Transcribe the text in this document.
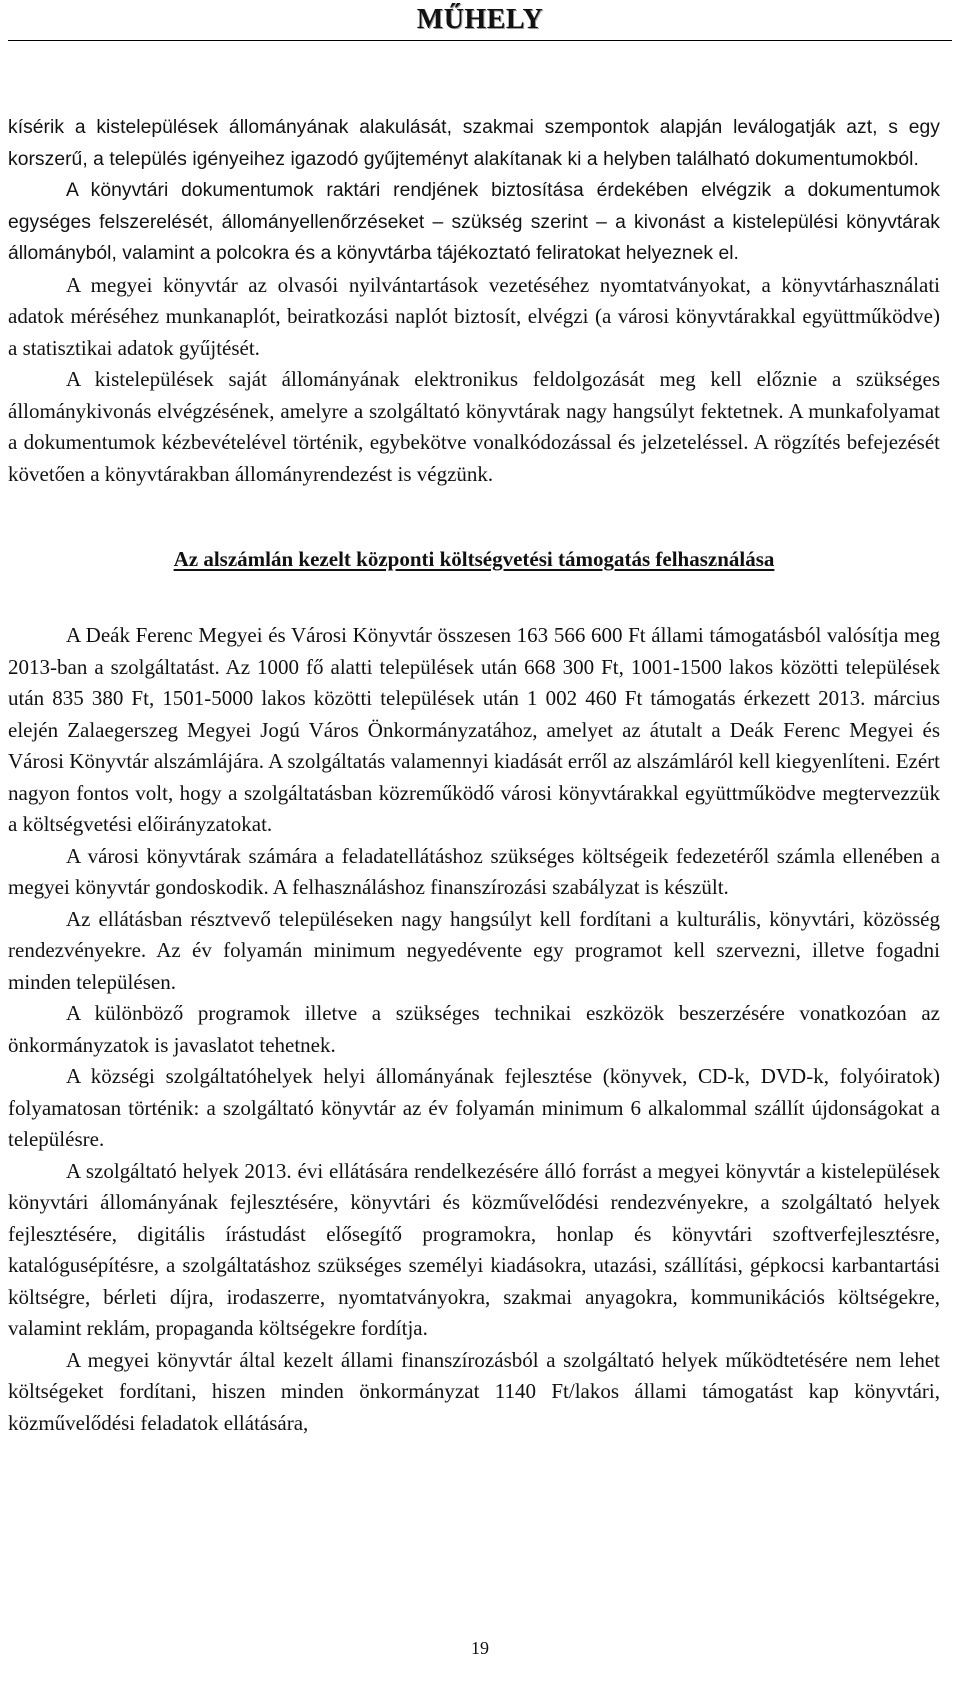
MŰHELY

kísérik a kistelepülések állományának alakulását, szakmai szempontok alapján leválogatják azt, s egy korszerű, a település igényeihez igazodó gyűjteményt alakítanak ki a helyben található dokumentumokból.

A könyvtári dokumentumok raktári rendjének biztosítása érdekében elvégzik a dokumentumok egységes felszerelését, állományellenőrzéseket – szükség szerint – a kivonást a kistelepülési könyvtárak állományból, valamint a polcokra és a könyvtárba tájékoztató feliratokat helyeznek el.

A megyei könyvtár az olvasói nyilvántartások vezetéséhez nyomtatványokat, a könyvtárhasználati adatok méréséhez munkanaplót, beiratkozási naplót biztosít, elvégzi (a városi könyvtárakkal együttműködve) a statisztikai adatok gyűjtését.

A kistelepülések saját állományának elektronikus feldolgozását meg kell előznie a szükséges állománykivonás elvégzésének, amelyre a szolgáltató könyvtárak nagy hangsúlyt fektetnek. A munkafolyamat a dokumentumok kézbevételével történik, egybekötve vonalkódozással és jelzeteléssel. A rögzítés befejezését követően a könyvtárakban állományrendezést is végzünk.

Az alszámlán kezelt központi költségvetési támogatás felhasználása

A Deák Ferenc Megyei és Városi Könyvtár összesen 163 566 600 Ft állami támogatásból valósítja meg 2013-ban a szolgáltatást. Az 1000 fő alatti települések után 668 300 Ft, 1001-1500 lakos közötti települések után 835 380 Ft, 1501-5000 lakos közötti települések után 1 002 460 Ft támogatás érkezett 2013. március elején Zalaegerszeg Megyei Jogú Város Önkormányzatához, amelyet az átutalt a Deák Ferenc Megyei és Városi Könyvtár alszámlájára. A szolgáltatás valamennyi kiadását erről az alszámláról kell kiegyenlíteni. Ezért nagyon fontos volt, hogy a szolgáltatásban közreműködő városi könyvtárakkal együttműködve megtervezzük a költségvetési előirányzatokat.

A városi könyvtárak számára a feladatellátáshoz szükséges költségeik fedezetéről számla ellenében a megyei könyvtár gondoskodik. A felhasználáshoz finanszírozási szabályzat is készült.

Az ellátásban résztvevő településeken nagy hangsúlyt kell fordítani a kulturális, könyvtári, közösség rendezvényekre. Az év folyamán minimum negyedévente egy programot kell szervezni, illetve fogadni minden településen.

A különböző programok illetve a szükséges technikai eszközök beszerzésére vonatkozóan az önkormányzatok is javaslatot tehetnek.

A községi szolgáltatóhelyek helyi állományának fejlesztése (könyvek, CD-k, DVD-k, folyóiratok) folyamatosan történik: a szolgáltató könyvtár az év folyamán minimum 6 alkalommal szállít újdonságokat a településre.

A szolgáltató helyek 2013. évi ellátására rendelkezésére álló forrást a megyei könyvtár a kistelepülések könyvtári állományának fejlesztésére, könyvtári és közművelődési rendezvényekre, a szolgáltató helyek fejlesztésére, digitális írástudást elősegítő programokra, honlap és könyvtári szoftverfejlesztésre, katalógusépítésre, a szolgáltatáshoz szükséges személyi kiadásokra, utazási, szállítási, gépkocsi karbantartási költségre, bérleti díjra, irodaszerre, nyomtatványokra, szakmai anyagokra, kommunikációs költségekre, valamint reklám, propaganda költségekre fordítja.

A megyei könyvtár által kezelt állami finanszírozásból a szolgáltató helyek működtetésére nem lehet költségeket fordítani, hiszen minden önkormányzat 1140 Ft/lakos állami támogatást kap könyvtári, közművelődési feladatok ellátására,

19
